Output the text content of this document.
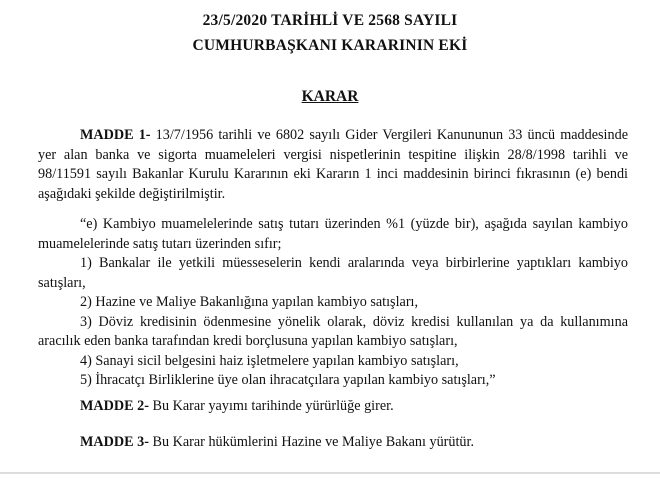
23/5/2020 TARİHLİ VE 2568 SAYILI
CUMHURBAŞKANI KARARININ EKİ
KARAR
MADDE 1- 13/7/1956 tarihli ve 6802 sayılı Gider Vergileri Kanununun 33 üncü maddesinde yer alan banka ve sigorta muameleleri vergisi nispetlerinin tespitine ilişkin 28/8/1998 tarihli ve 98/11591 sayılı Bakanlar Kurulu Kararının eki Kararın 1 inci maddesinin birinci fıkrasının (e) bendi aşağıdaki şekilde değiştirilmiştir.
“e) Kambiyo muamelelerinde satış tutarı üzerinden %1 (yüzde bir), aşağıda sayılan kambiyo muamelelerinde satış tutarı üzerinden sıfır;
1) Bankalar ile yetkili müesseselerin kendi aralarında veya birbirlerine yaptıkları kambiyo satışları,
2) Hazine ve Maliye Bakanlığına yapılan kambiyo satışları,
3) Döviz kredisinin ödenmesine yönelik olarak, döviz kredisi kullanılan ya da kullanımına aracılık eden banka tarafından kredi borçlusuna yapılan kambiyo satışları,
4) Sanayi sicil belgesini haiz işletmelere yapılan kambiyo satışları,
5) İhracatçı Birliklerine üye olan ihracatçılara yapılan kambiyo satışları,”
MADDE 2- Bu Karar yayımı tarihinde yürürlüğe girer.
MADDE 3- Bu Karar hükümlerini Hazine ve Maliye Bakanı yürütür.
